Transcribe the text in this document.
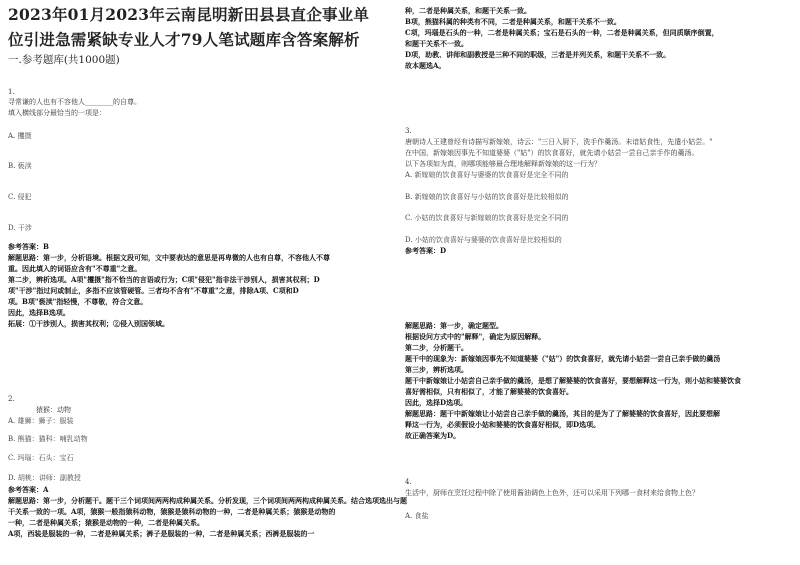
2023年01月2023年云南昆明新田县县直企事业单
位引进急需紧缺专业人才79人笔试题库含答案解析
一.参考题库(共1000题)
1.
寻常谦的人也有不容他人________的自尊。
填入横线部分最恰当的一项是：
A. 攫摄
B. 亵渎
C. 侵犯
D. 干涉
参考答案：B
解题思路：第一步，分析语境。根据文段可知，文中要表达的意思是再卑微的人也有自尊，不容他人不尊
重。因此填入的词语应含有"不尊重"之意。
第二步，辨析选项。A项"攫摄"指不恰当的言语或行为；C项"侵犯"指非法干涉别人，损害其权利；D
项"干涉"指过问或制止，多指不应该管硬管。三者均不含有"不尊重"之意，排除A项、C项和D
项。B项"亵渎"指轻慢，不尊敬，符合文意。
因此，选择B选项。
拓展：①干涉别人，损害其权利；②侵入别国领域。
2.
猿猴：动物
A. 雄狮：狮子：服装
B. 熊猫：猫科：哺乳动物
C. 玛瑙：石头：宝石
D. 胡桃：讲师：副教授
参考答案：A
解题思路：第一步，分析题干。题干三个词项间两两构成种属关系。分析发现，三个词项间两两构成种属关系。结合选项选出与题
干关系一致的一项。A项，猿猴一般指猿科动物，猿猴是猿科动物的一种，二者是种属关系；猿猴是动物的
一种，二者是种属关系；猿猴是动物的一种，二者是种属关系。
A项，西装是服装的一种，二者是种属关系；裤子是服装的一种，二者是种属关系；西裤是服装的一
种，二者是种属关系，和题干关系一致。
B项，熊猫科属的种类有不同，二者是种属关系，和题干关系不一致。
C项，玛瑙是石头的一种，二者是种属关系；宝石是石头的一种，二者是种属关系，但同质顺序倒置，
和题干关系不一致。
D项，助教、讲师和副教授是三种不同的职级，三者是并列关系，和题干关系不一致。
故本题选A。
3.
唐朝诗人王建曾经有诗描写新嫁娘，诗云："三日入厨下，洗手作羹汤。未谙姑食性，先遣小姑尝。"
在中国，新嫁娘因事先不知道婆婆（"姑"）的饮食喜好，就先请小姑尝一尝自己亲手作的羹汤。
以下各项如为真，则哪项能够最合理地解释新嫁娘的这一行为？
A. 新嫁娘的饮食喜好与婆婆的饮食喜好是完全不同的
B. 新嫁娘的饮食喜好与小姑的饮食喜好是比较相似的
C. 小姑的饮食喜好与新嫁娘的饮食喜好是完全不同的
D. 小姑的饮食喜好与婆婆的饮食喜好是比较相似的
参考答案：D
解题思路：第一步，确定题型。
根据设问方式中的"解释"，确定为原因解释。
第二步，分析题干。
题干中的现象为：新嫁娘因事先不知道婆婆（"姑"）的饮食喜好，就先请小姑尝一尝自己亲手做的羹汤
第三步，辨析选项。
题干中新嫁娘让小姑尝自己亲手做的羹汤，是想了解婆婆的饮食喜好，要想解释这一行为，则小姑和婆婆饮食
喜好需相似，只有相似了，才能了解婆婆的饮食喜好。
因此，选择D选项。
解题思路：题干中新嫁娘让小姑尝自己亲手做的羹汤，其目的是为了了解婆婆的饮食喜好，因此要想解
释这一行为，必须假设小姑和婆婆的饮食喜好相似，即D选项。
故正确答案为D。
4.
生活中，厨师在烹饪过程中除了使用酱油调色上色外，还可以采用下列哪一食材来给食物上色？
A. 食盐
